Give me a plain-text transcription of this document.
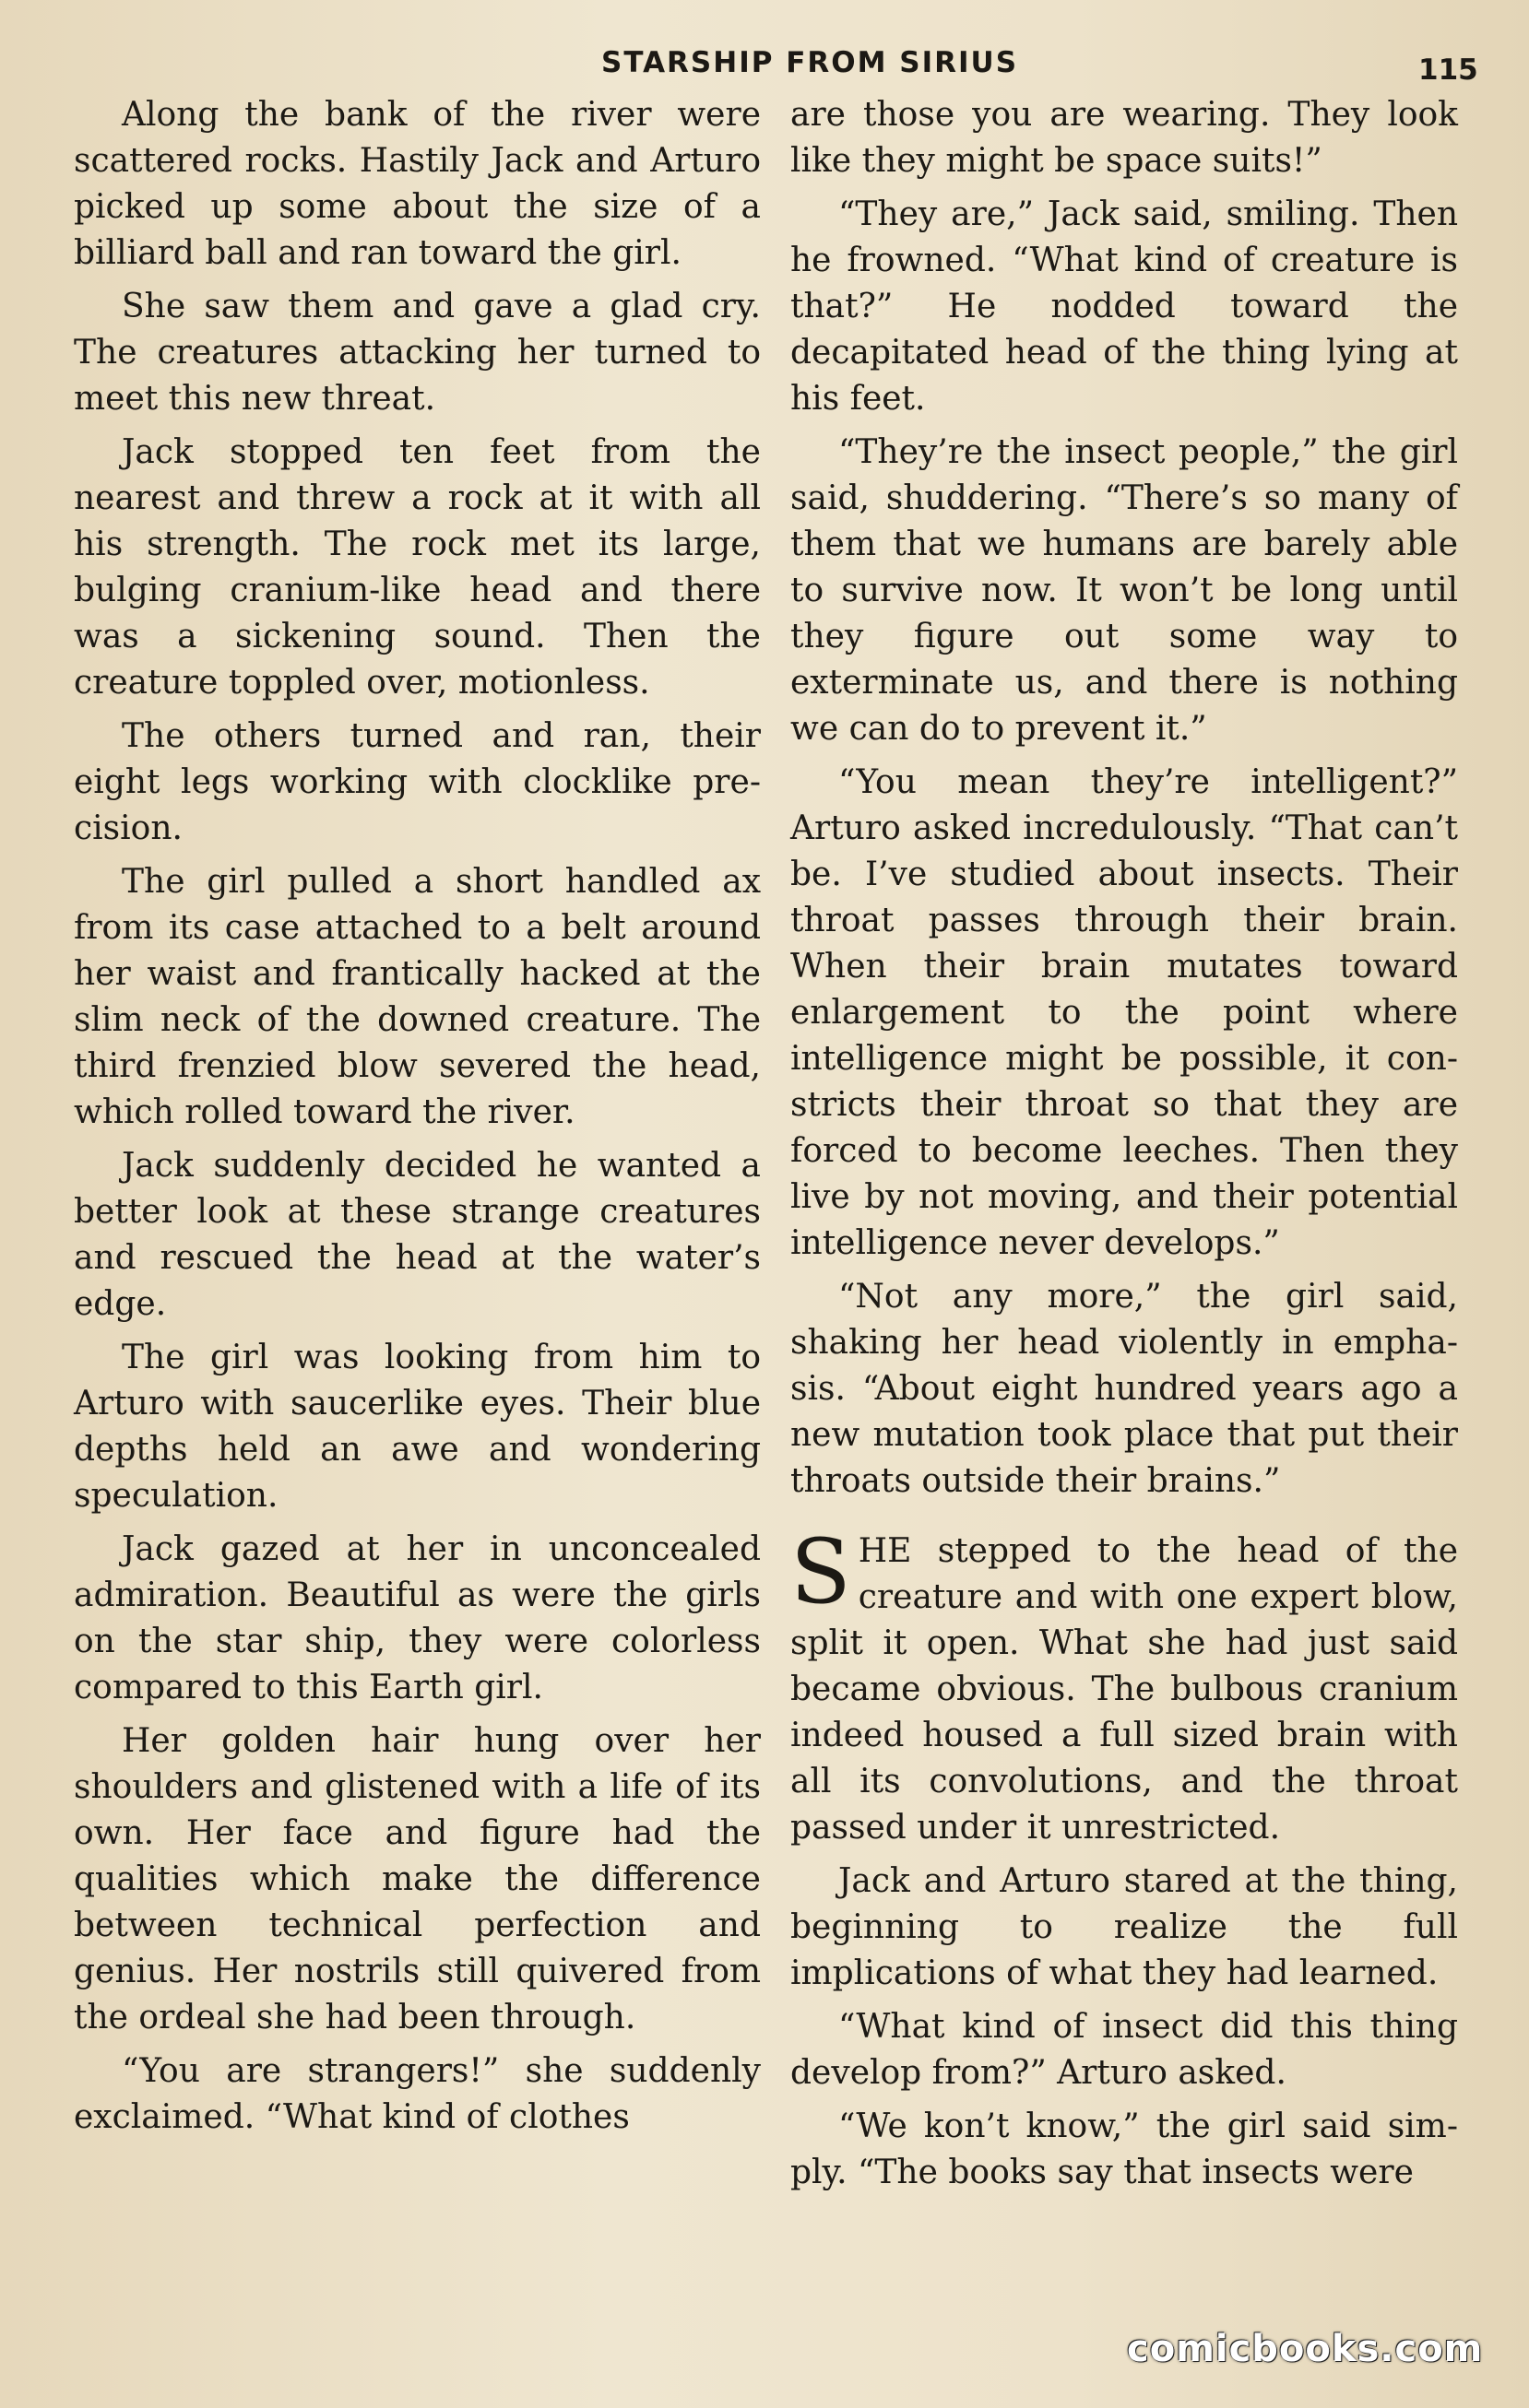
STARSHIP FROM SIRIUS	115

Along the bank of the river were scattered rocks. Hastily Jack and Arturo picked up some about the size of a billiard ball and ran toward the girl.

She saw them and gave a glad cry. The creatures attacking her turned to meet this new threat.

Jack stopped ten feet from the nearest and threw a rock at it with all his strength. The rock met its large, bulging cranium-like head and there was a sickening sound. Then the creature toppled over, motionless.

The others turned and ran, their eight legs working with clocklike precision.

The girl pulled a short handled ax from its case attached to a belt around her waist and frantically hacked at the slim neck of the downed creature. The third frenzied blow severed the head, which rolled toward the river.

Jack suddenly decided he wanted a better look at these strange creatures and rescued the head at the water’s edge.

The girl was looking from him to Arturo with saucerlike eyes. Their blue depths held an awe and wondering speculation.

Jack gazed at her in unconcealed admiration. Beautiful as were the girls on the star ship, they were colorless compared to this Earth girl.

Her golden hair hung over her shoulders and glistened with a life of its own. Her face and figure had the qualities which make the difference between technical perfection and genius. Her nostrils still quivered from the ordeal she had been through.

“You are strangers!” she suddenly exclaimed. “What kind of clothes

are those you are wearing. They look like they might be space suits!”

“They are,” Jack said, smiling. Then he frowned. “What kind of creature is that?” He nodded toward the decapitated head of the thing lying at his feet.

“They’re the insect people,” the girl said, shuddering. “There’s so many of them that we humans are barely able to survive now. It won’t be long until they figure out some way to exterminate us, and there is nothing we can do to prevent it.”

“You mean they’re intelligent?” Arturo asked incredulously. “That can’t be. I’ve studied about insects. Their throat passes through their brain. When their brain mutates toward enlargement to the point where intelligence might be possible, it constricts their throat so that they are forced to become leeches. Then they live by not moving, and their potential intelligence never develops.”

“Not any more,” the girl said, shaking her head violently in emphasis. “About eight hundred years ago a new mutation took place that put their throats outside their brains.”

SHE stepped to the head of the creature and with one expert blow, split it open. What she had just said became obvious. The bulbous cranium indeed housed a full sized brain with all its convolutions, and the throat passed under it unrestricted.

Jack and Arturo stared at the thing, beginning to realize the full implications of what they had learned.

“What kind of insect did this thing develop from?” Arturo asked.

“We kon’t know,” the girl said simply. “The books say that insects were

comicbooks.com
